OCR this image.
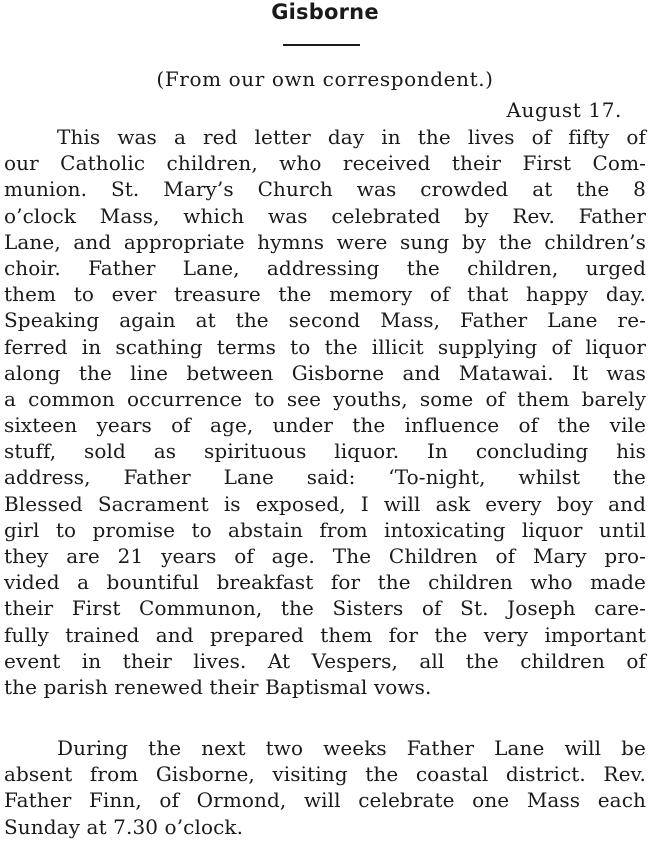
Gisborne
(From our own correspondent.)
August 17.
This was a red letter day in the lives of fifty of
our Catholic children, who received their First Com-
munion. St. Mary’s Church was crowded at the 8
o’clock Mass, which was celebrated by Rev. Father
Lane, and appropriate hymns were sung by the children’s
choir. Father Lane, addressing the children, urged
them to ever treasure the memory of that happy day.
Speaking again at the second Mass, Father Lane re-
ferred in scathing terms to the illicit supplying of liquor
along the line between Gisborne and Matawai. It was
a common occurrence to see youths, some of them barely
sixteen years of age, under the influence of the vile
stuff, sold as spirituous liquor. In concluding his
address, Father Lane said: ‘To-night, whilst the
Blessed Sacrament is exposed, I will ask every boy and
girl to promise to abstain from intoxicating liquor until
they are 21 years of age. The Children of Mary pro-
vided a bountiful breakfast for the children who made
their First Communon, the Sisters of St. Joseph care-
fully trained and prepared them for the very important
event in their lives. At Vespers, all the children of
the parish renewed their Baptismal vows.
During the next two weeks Father Lane will be
absent from Gisborne, visiting the coastal district. Rev.
Father Finn, of Ormond, will celebrate one Mass each
Sunday at 7.30 o’clock.
